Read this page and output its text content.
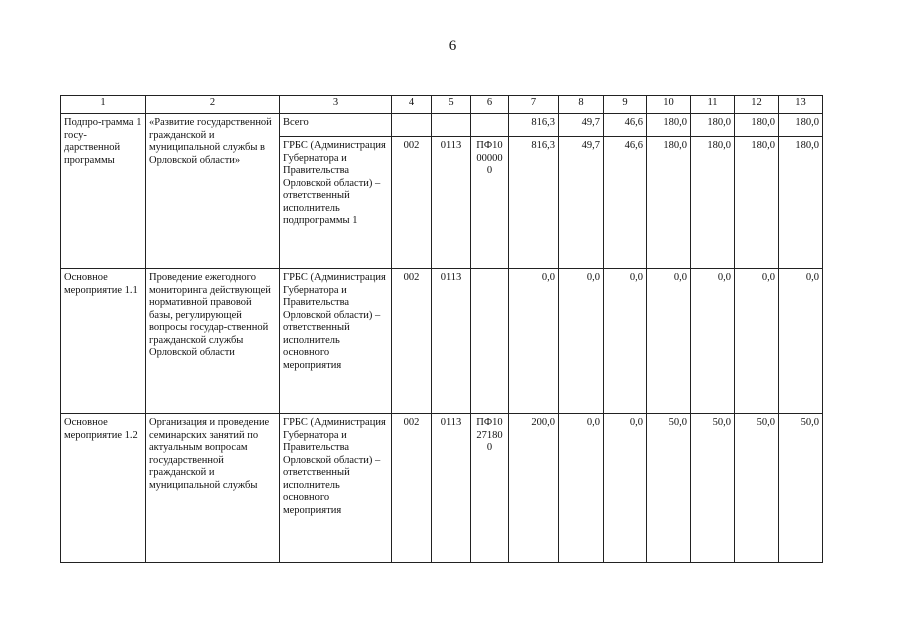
6
1	2	3	4	5	6	7	8	9	10	11	12	13
Подпро-грамма 1 госу-дарственной программы	«Развитие государственной гражданской и муниципальной службы в Орловской области»	Всего				816,3	49,7	46,6	180,0	180,0	180,0	180,0
		ГРБС (Администрация Губернатора и Правительства Орловской области) – ответственный исполнитель подпрограммы 1	002	0113	ПФ10 00000 0	816,3	49,7	46,6	180,0	180,0	180,0	180,0
Основное мероприятие 1.1	Проведение ежегодного мониторинга действующей нормативной правовой базы, регулирующей вопросы государ-ственной гражданской службы Орловской области	ГРБС (Администрация Губернатора и Правительства Орловской области) – ответственный исполнитель основного мероприятия	002	0113		0,0	0,0	0,0	0,0	0,0	0,0	0,0
Основное мероприятие 1.2	Организация и проведение семинарских занятий по актуальным вопросам государственной гражданской и муниципальной службы	ГРБС (Администрация Губернатора и Правительства Орловской области) – ответственный исполнитель основного мероприятия	002	0113	ПФ10 27180 0	200,0	0,0	0,0	50,0	50,0	50,0	50,0
